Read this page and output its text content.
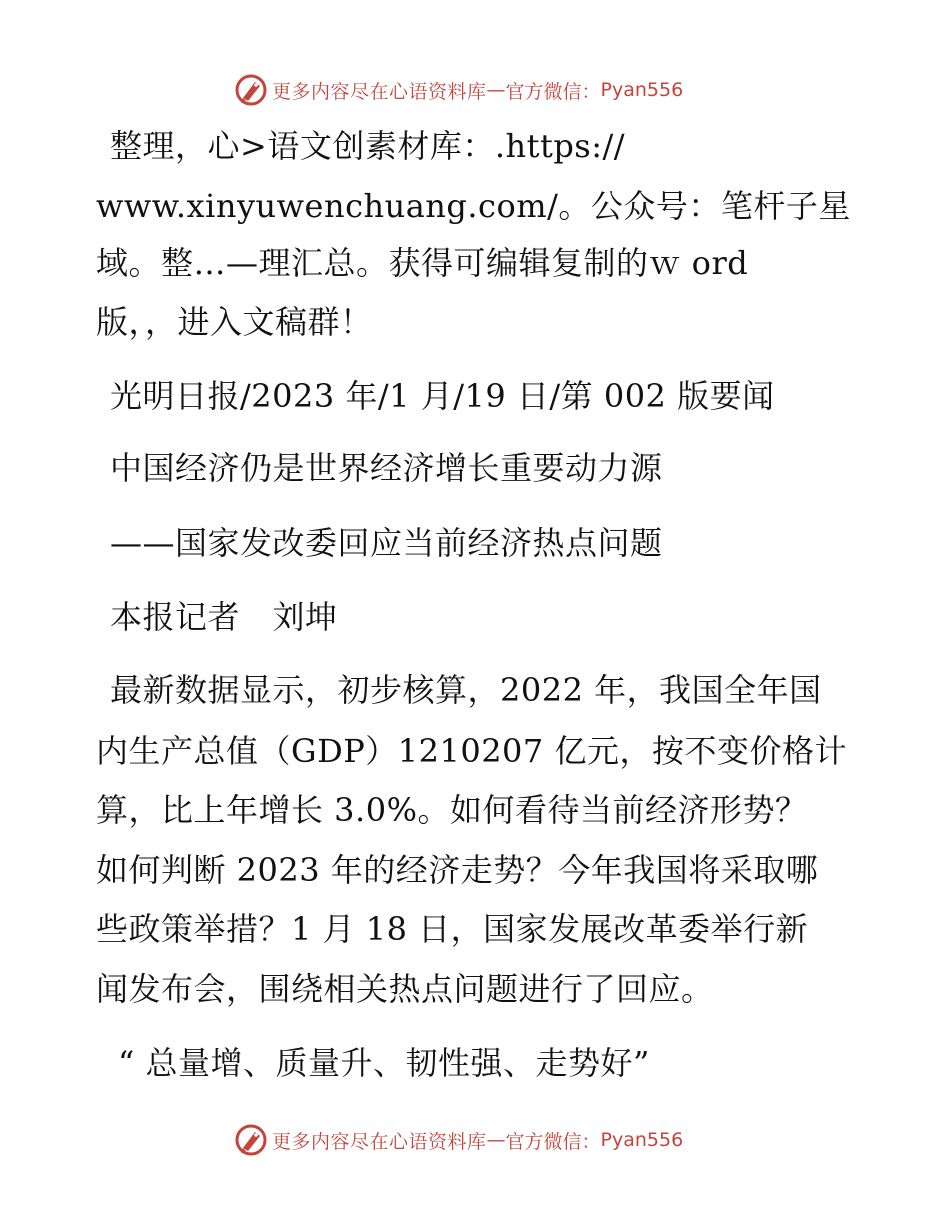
更多内容尽在心语资料库 — 官方微信： Pyan556
整理，心>语文创素材库：.https://
www.xinyuwenchuang.com/。公众号：笔杆子星
域。整…—理汇总。获得可编辑复制的ｗ ord
版，，进入文稿群！
光明日报/2023 年/1 月/19 日/第 002 版要闻
中国经济仍是世界经济增长重要动力源
——国家发改委回应当前经济热点问题
本报记者　刘坤
最新数据显示，初步核算，2022 年，我国全年国
内生产总值（GDP）1210207 亿元，按不变价格计
算，比上年增长 3.0%。如何看待当前经济形势？
如何判断 2023 年的经济走势？今年我国将采取哪
些政策举措？1 月 18 日，国家发展改革委举行新
闻发布会，围绕相关热点问题进行了回应。
“ 总量增、质量升、韧性强、走势好”
更多内容尽在心语资料库 — 官方微信： Pyan556
